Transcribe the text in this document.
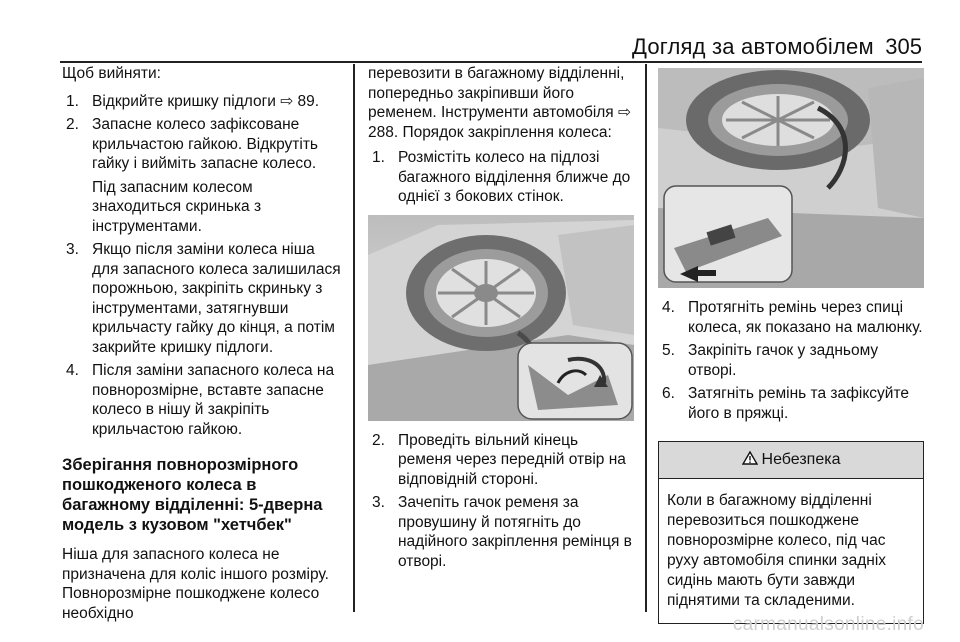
Догляд за автомобілем 305

Щоб вийняти:

1. Відкрийте кришку підлоги ⇨ 89.
2. Запасне колесо зафіксоване крильчастою гайкою. Відкрутіть гайку і вийміть запасне колесо.
Під запасним колесом знаходиться скринька з інструментами.
3. Якщо після заміни колеса ніша для запасного колеса залишилася порожньою, закріпіть скриньку з інструментами, затягнувши крильчасту гайку до кінця, а потім закрийте кришку підлоги.
4. Після заміни запасного колеса на повнорозмірне, вставте запасне колесо в нішу й закріпіть крильчастою гайкою.
Зберігання повнорозмірного пошкодженого колеса в багажному відділенні: 5-дверна модель з кузовом "хетчбек"

Ніша для запасного колеса не призначена для коліс іншого розміру. Повнорозмірне пошкоджене колесо необхідно

перевозити в багажному відділенні, попередньо закріпивши його ременем. Інструменти автомобіля ⇨ 288. Порядок закріплення колеса:

1. Розмістіть колесо на підлозі багажного відділення ближче до однієї з бокових стінок.
2. Проведіть вільний кінець ременя через передній отвір на відповідній стороні.
3. Зачепіть гачок ременя за провушину й потягніть до надійного закріплення ремінця в отворі.
4. Протягніть ремінь через спиці колеса, як показано на малюнку.
5. Закріпіть гачок у задньому отворі.
6. Затягніть ремінь та зафіксуйте його в пряжці.
Небезпека
Коли в багажному відділенні перевозиться пошкоджене повнорозмірне колесо, під час руху автомобіля спинки задніх сидінь мають бути завжди піднятими та складеними.
carmanualsonline.info
